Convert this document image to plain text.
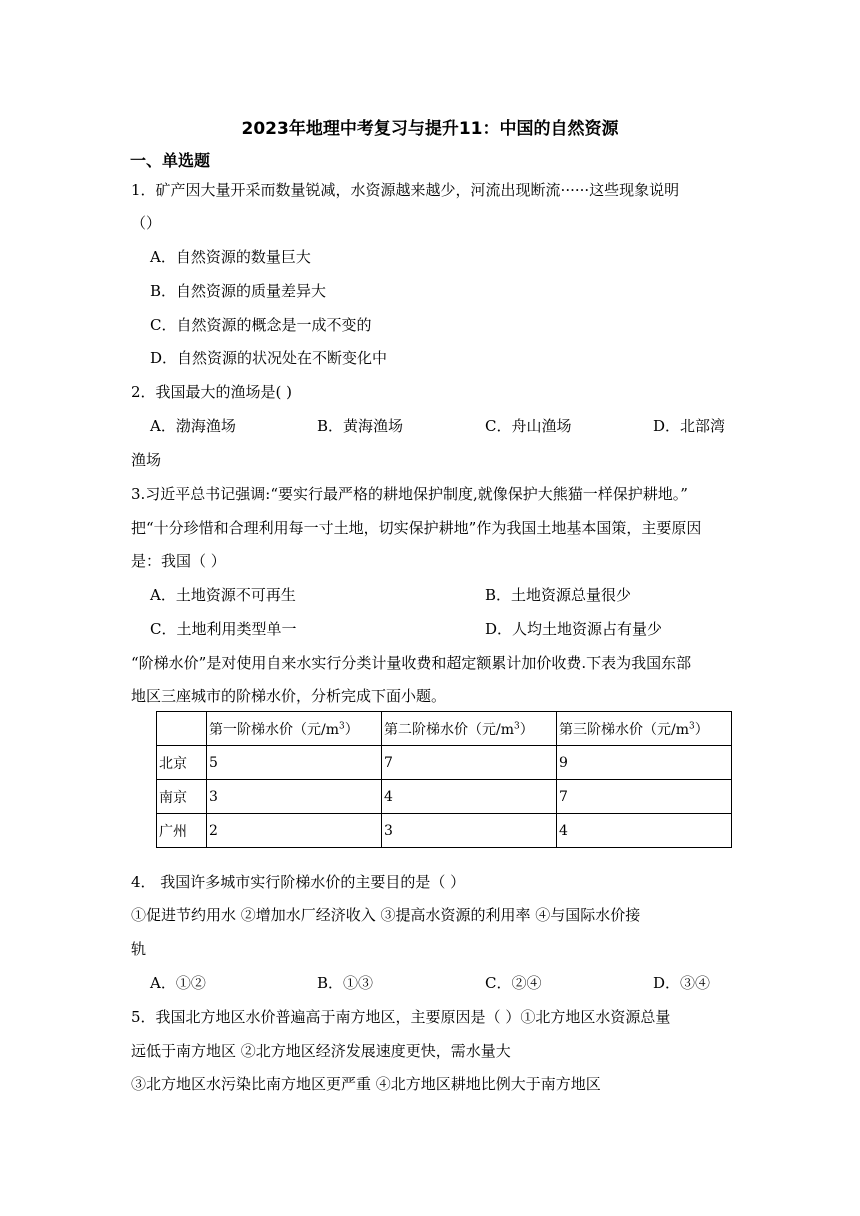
2023年地理中考复习与提升11：中国的自然资源
一、单选题
1．矿产因大量开采而数量锐减，水资源越来越少，河流出现断流······这些现象说明
（）
A．自然资源的数量巨大
B．自然资源的质量差异大
C．自然资源的概念是一成不变的
D．自然资源的状况处在不断变化中
2．我国最大的渔场是( )
A．渤海渔场	B．黄海渔场	C．舟山渔场	D．北部湾
渔场
3.习近平总书记强调:“要实行最严格的耕地保护制度,就像保护大熊猫一样保护耕地。”
把“十分珍惜和合理利用每一寸土地，切实保护耕地”作为我国土地基本国策，主要原因
是：我国（ ）
A．土地资源不可再生	B．土地资源总量很少
C．土地利用类型单一	D．人均土地资源占有量少
“阶梯水价”是对使用自来水实行分类计量收费和超定额累计加价收费.下表为我国东部
地区三座城市的阶梯水价，分析完成下面小题。
	第一阶梯水价（元$/m^3$）	第二阶梯水价（元$/m^3$）	第三阶梯水价（元$/m^3$）
北京	5	7	9
南京	3	4	7
广州	2	3	4
4． 我国许多城市实行阶梯水价的主要目的是（ ）
①促进节约用水 ②增加水厂经济收入 ③提高水资源的利用率 ④与国际水价接
轨
A．①②	B．①③	C．②④	D．③④
5．我国北方地区水价普遍高于南方地区，主要原因是（ ）①北方地区水资源总量
远低于南方地区 ②北方地区经济发展速度更快，需水量大
③北方地区水污染比南方地区更严重 ④北方地区耕地比例大于南方地区
